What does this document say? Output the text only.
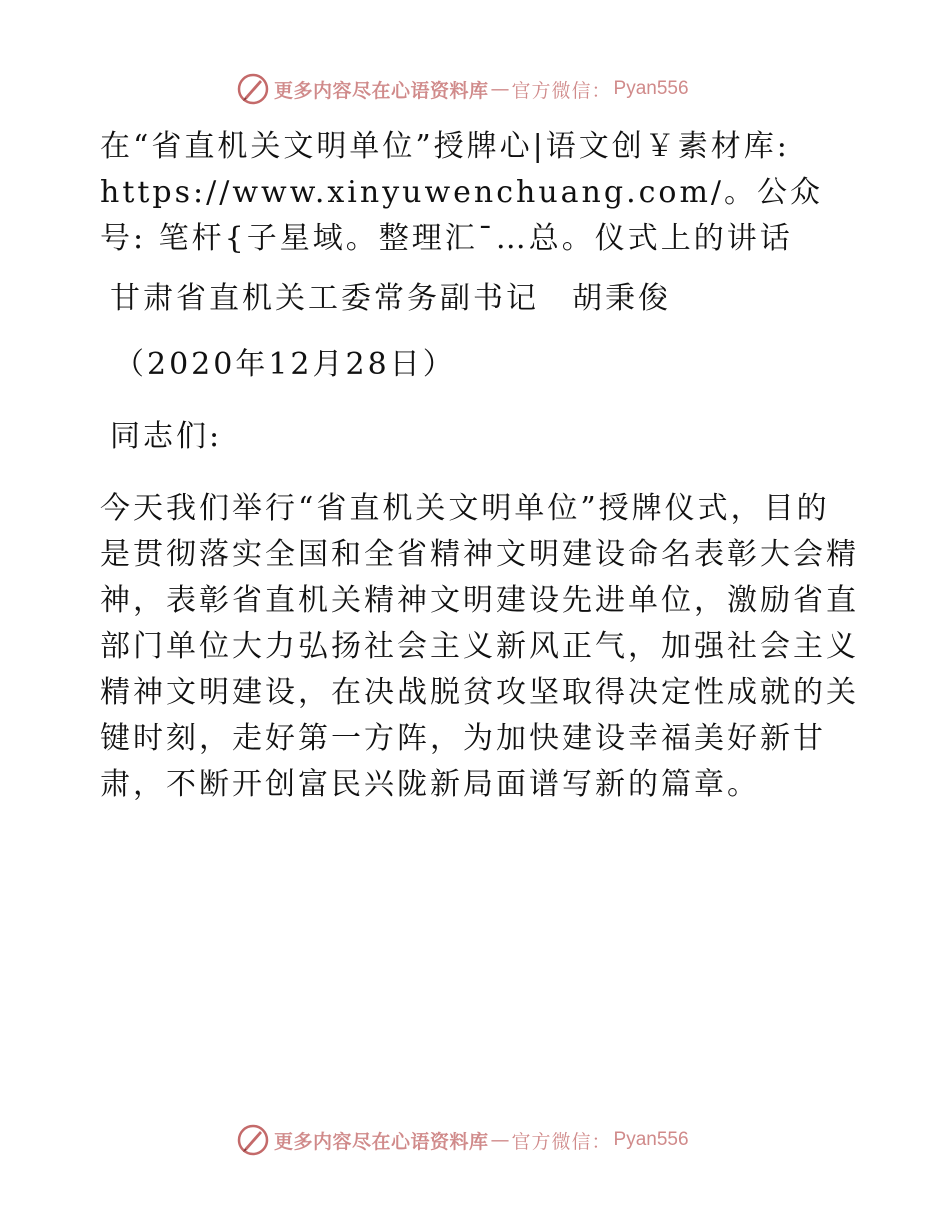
更多内容尽在心语资料库 — 官方微信： Pyan556

在“省直机关文明单位”授牌心|语文创￥素材库: https://www.xinyuwenchuang.com/。公众号: 笔杆{子星域。整理汇¯…总。仪式上的讲话

甘肃省直机关工委常务副书记　胡秉俊

（2020年12月28日）

同志们:

今天我们举行“省直机关文明单位”授牌仪式，目的是贯彻落实全国和全省精神文明建设命名表彰大会精神，表彰省直机关精神文明建设先进单位，激励省直部门单位大力弘扬社会主义新风正气，加强社会主义精神文明建设，在决战脱贫攻坚取得决定性成就的关键时刻，走好第一方阵，为加快建设幸福美好新甘肃，不断开创富民兴陇新局面谱写新的篇章。

更多内容尽在心语资料库 — 官方微信： Pyan556
